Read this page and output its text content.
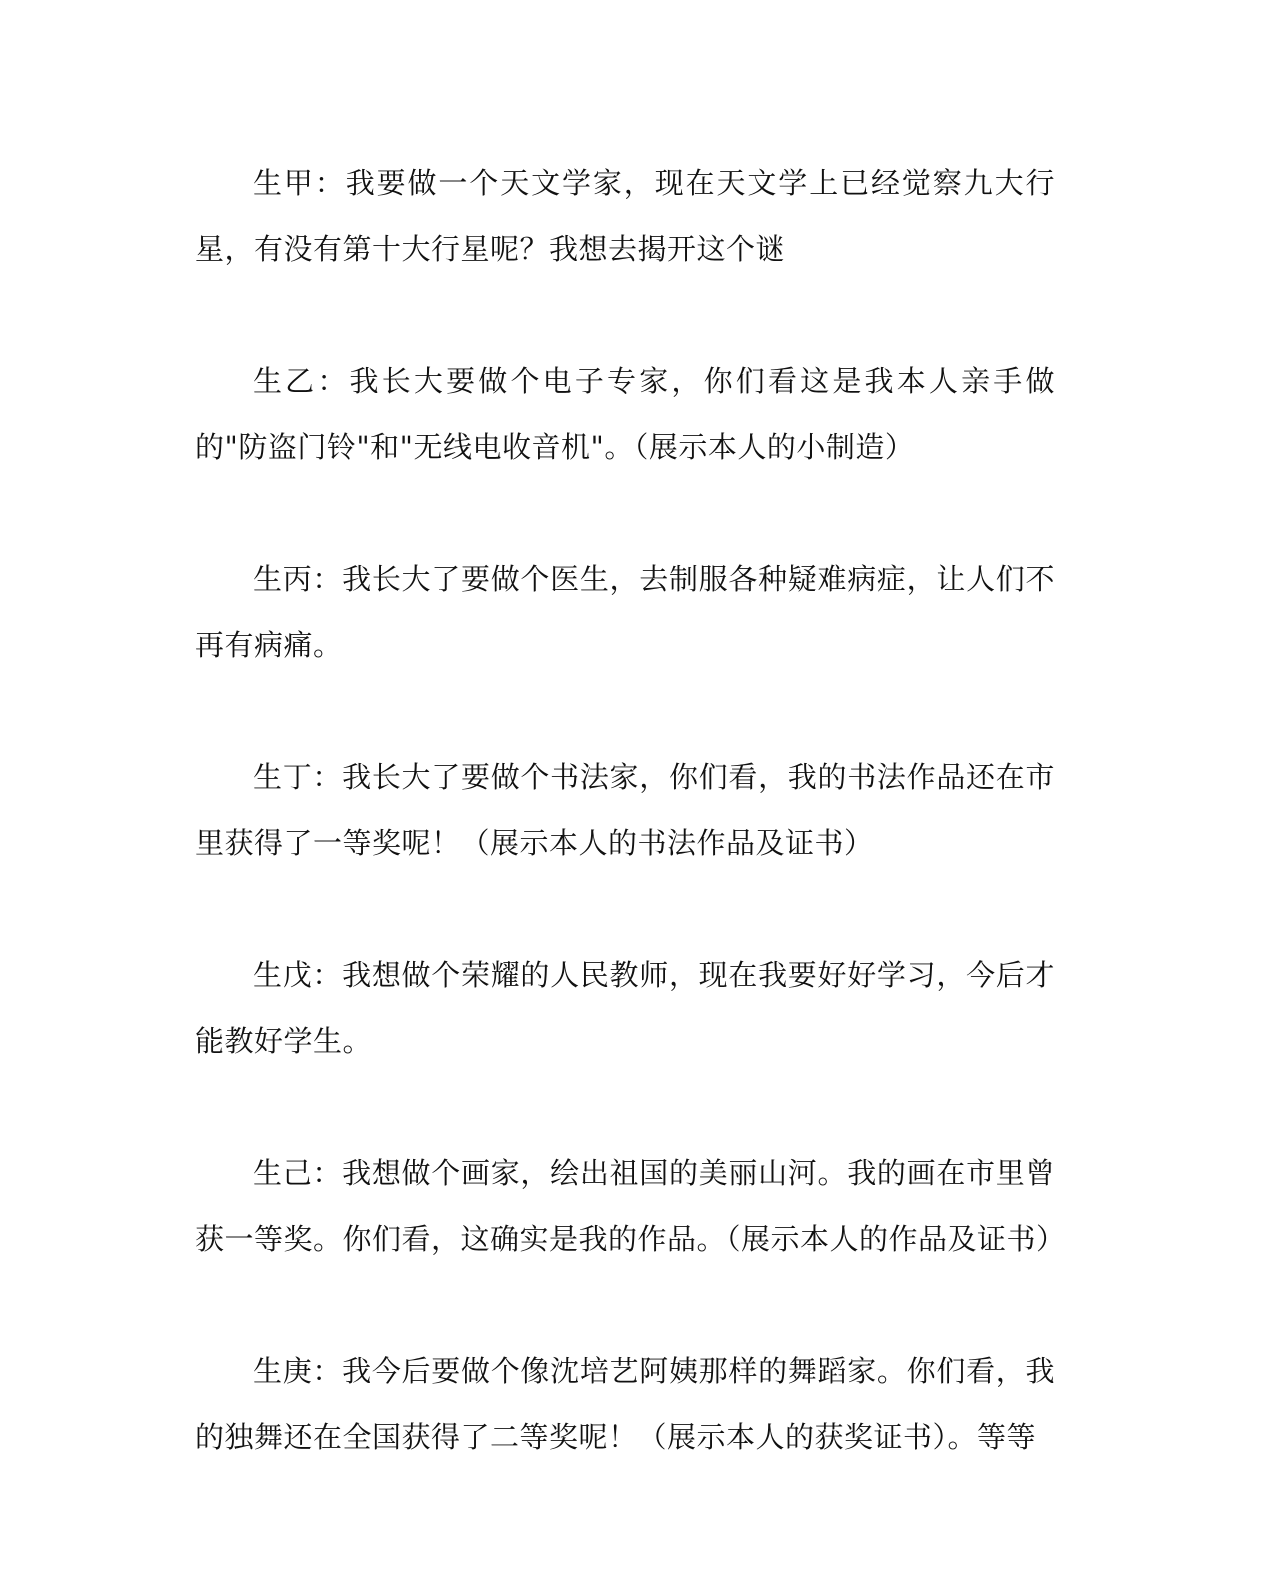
生甲：我要做一个天文学家，现在天文学上已经觉察九大行星，有没有第十大行星呢？我想去揭开这个谜

生乙：我长大要做个电子专家，你们看这是我本人亲手做的"防盗门铃"和"无线电收音机"。（展示本人的小制造）

生丙：我长大了要做个医生，去制服各种疑难病症，让人们不再有病痛。

生丁：我长大了要做个书法家，你们看，我的书法作品还在市里获得了一等奖呢！（展示本人的书法作品及证书）

生戊：我想做个荣耀的人民教师，现在我要好好学习，今后才能教好学生。

生己：我想做个画家，绘出祖国的美丽山河。我的画在市里曾获一等奖。你们看，这确实是我的作品。（展示本人的作品及证书）

生庚：我今后要做个像沈培艺阿姨那样的舞蹈家。你们看，我的独舞还在全国获得了二等奖呢！（展示本人的获奖证书）。等等
